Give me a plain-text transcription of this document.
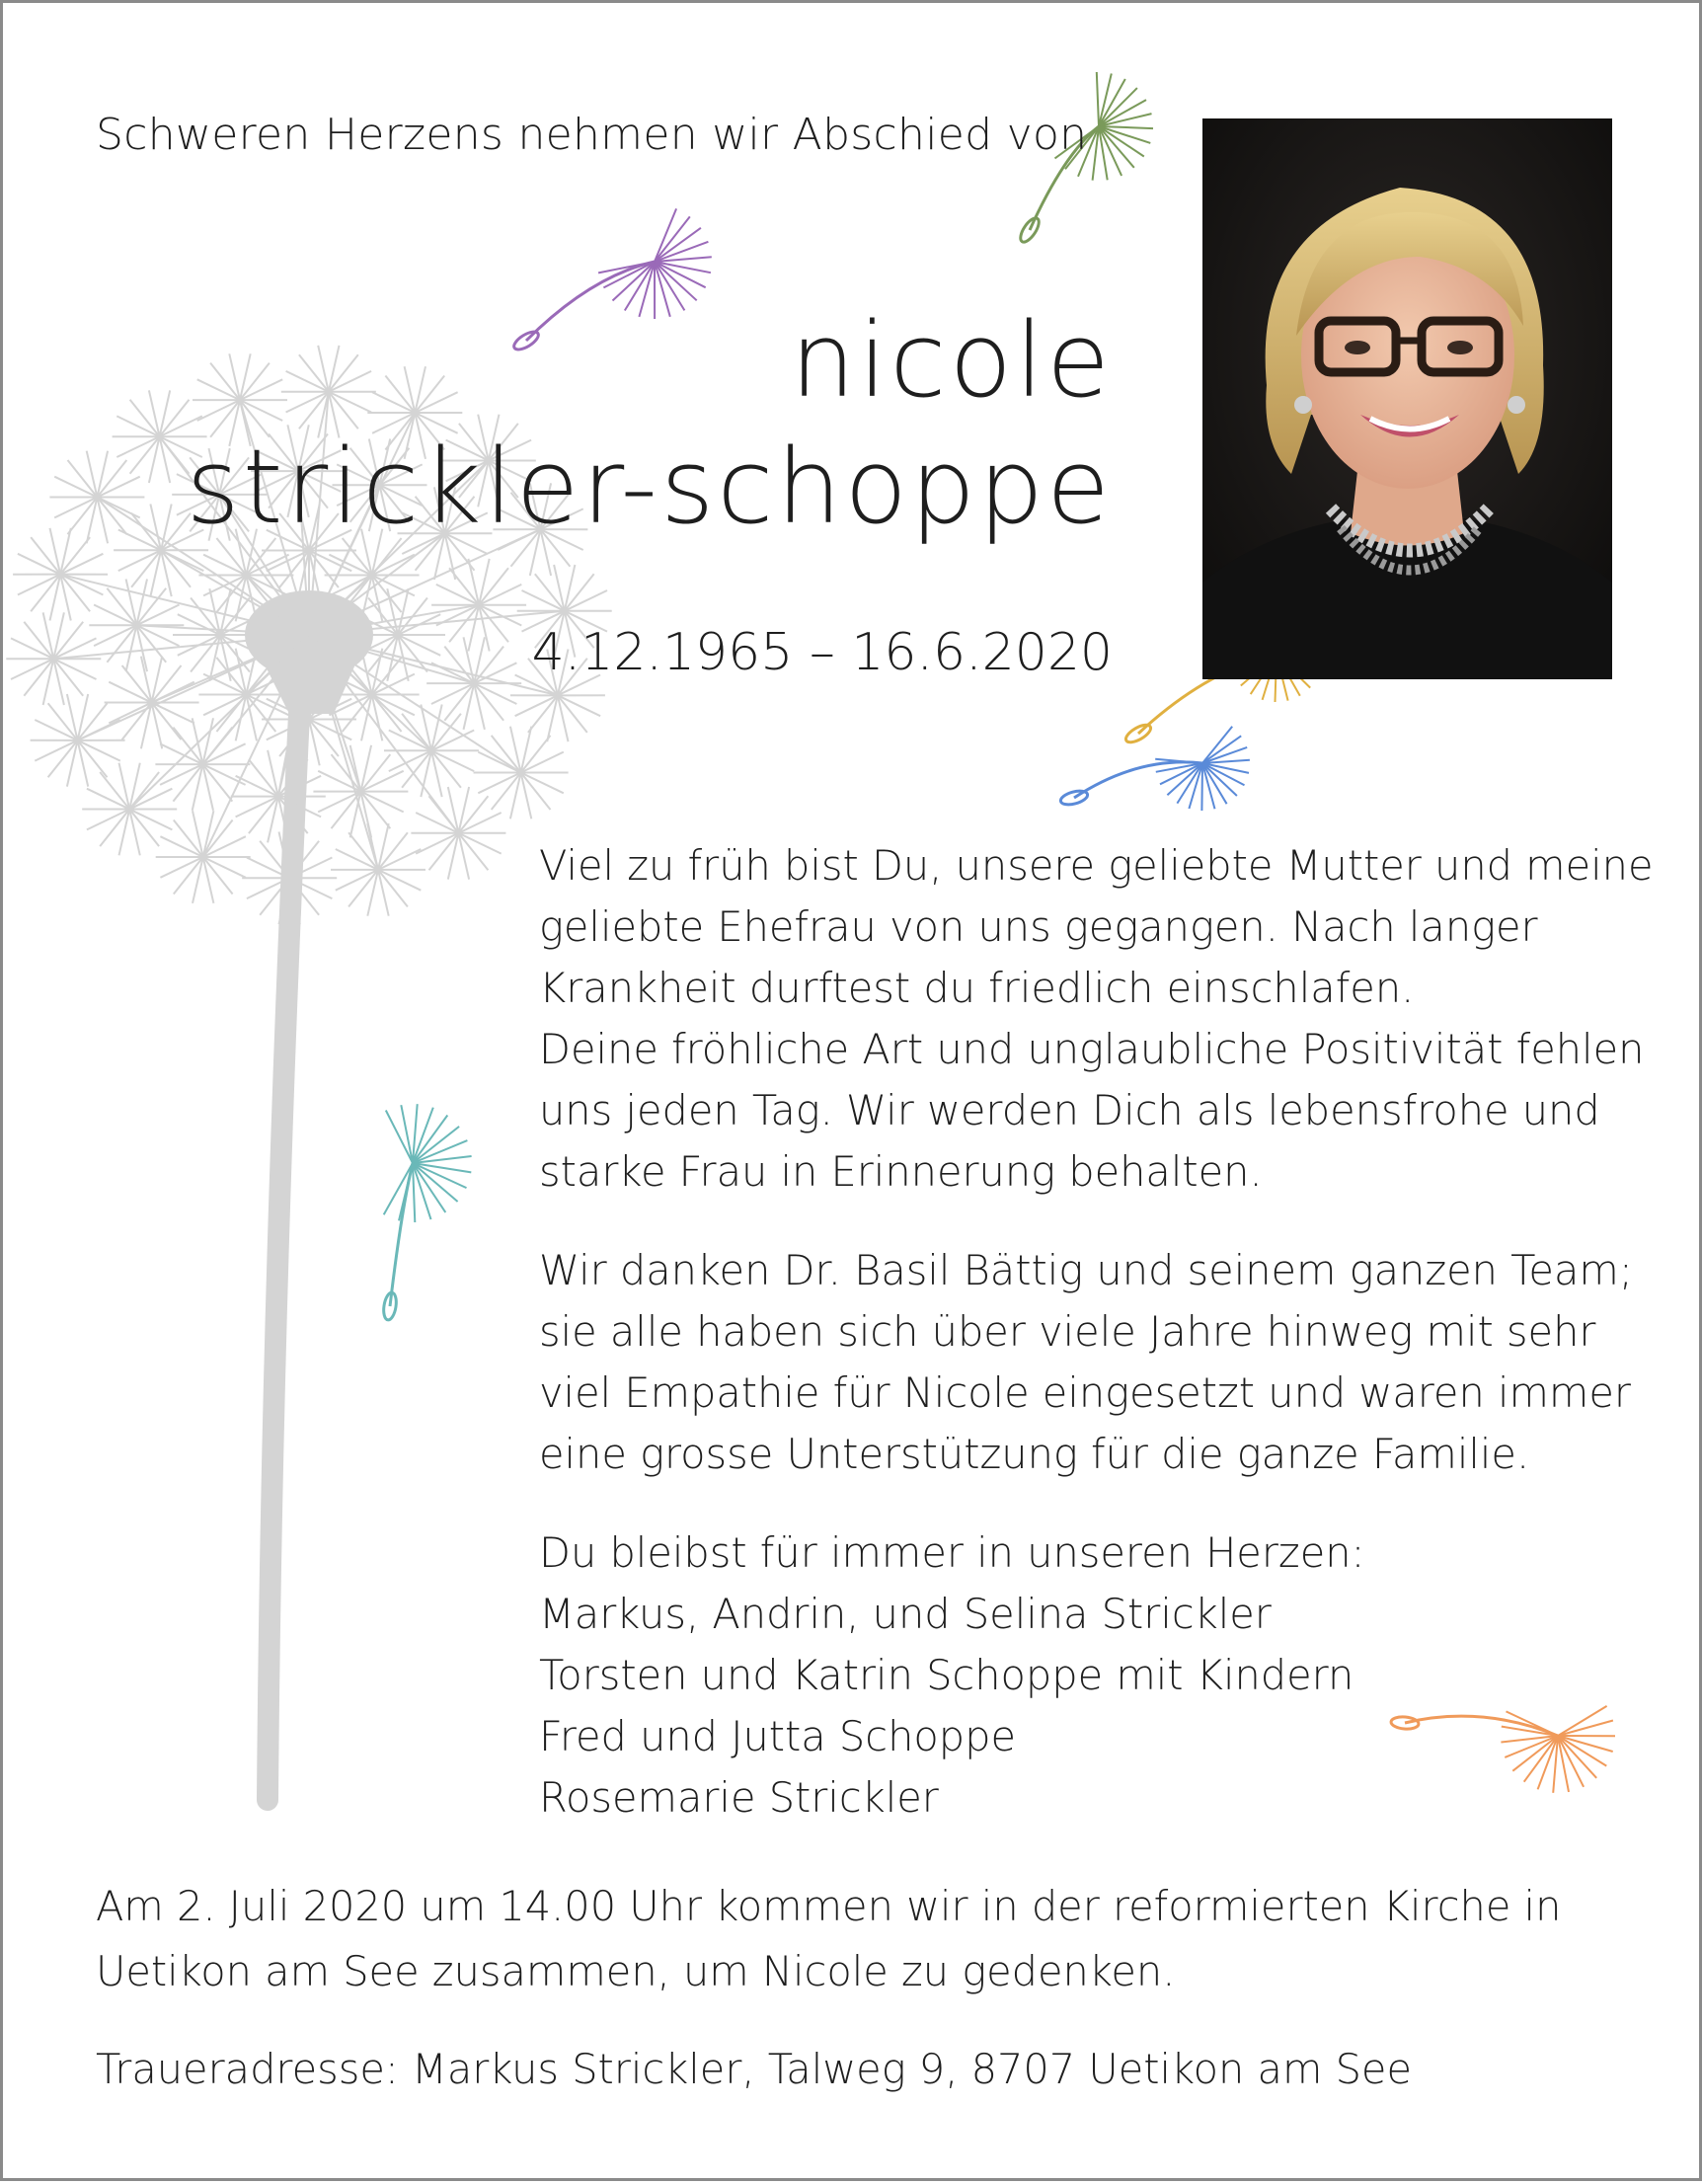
Schweren Herzens nehmen wir Abschied von
nicole
strickler-schoppe
4.12.1965 – 16.6.2020

Viel zu früh bist Du, unsere geliebte Mutter und meine
geliebte Ehefrau von uns gegangen. Nach langer
Krankheit durftest du friedlich einschlafen.
Deine fröhliche Art und unglaubliche Positivität fehlen
uns jeden Tag. Wir werden Dich als lebensfrohe und
starke Frau in Erinnerung behalten.

Wir danken Dr. Basil Bättig und seinem ganzen Team;
sie alle haben sich über viele Jahre hinweg mit sehr
viel Empathie für Nicole eingesetzt und waren immer
eine grosse Unterstützung für die ganze Familie.

Du bleibst für immer in unseren Herzen:
Markus, Andrin, und Selina Strickler
Torsten und Katrin Schoppe mit Kindern
Fred und Jutta Schoppe
Rosemarie Strickler

Am 2. Juli 2020 um 14.00 Uhr kommen wir in der reformierten Kirche in
Uetikon am See zusammen, um Nicole zu gedenken.
Traueradresse: Markus Strickler, Talweg 9, 8707 Uetikon am See
